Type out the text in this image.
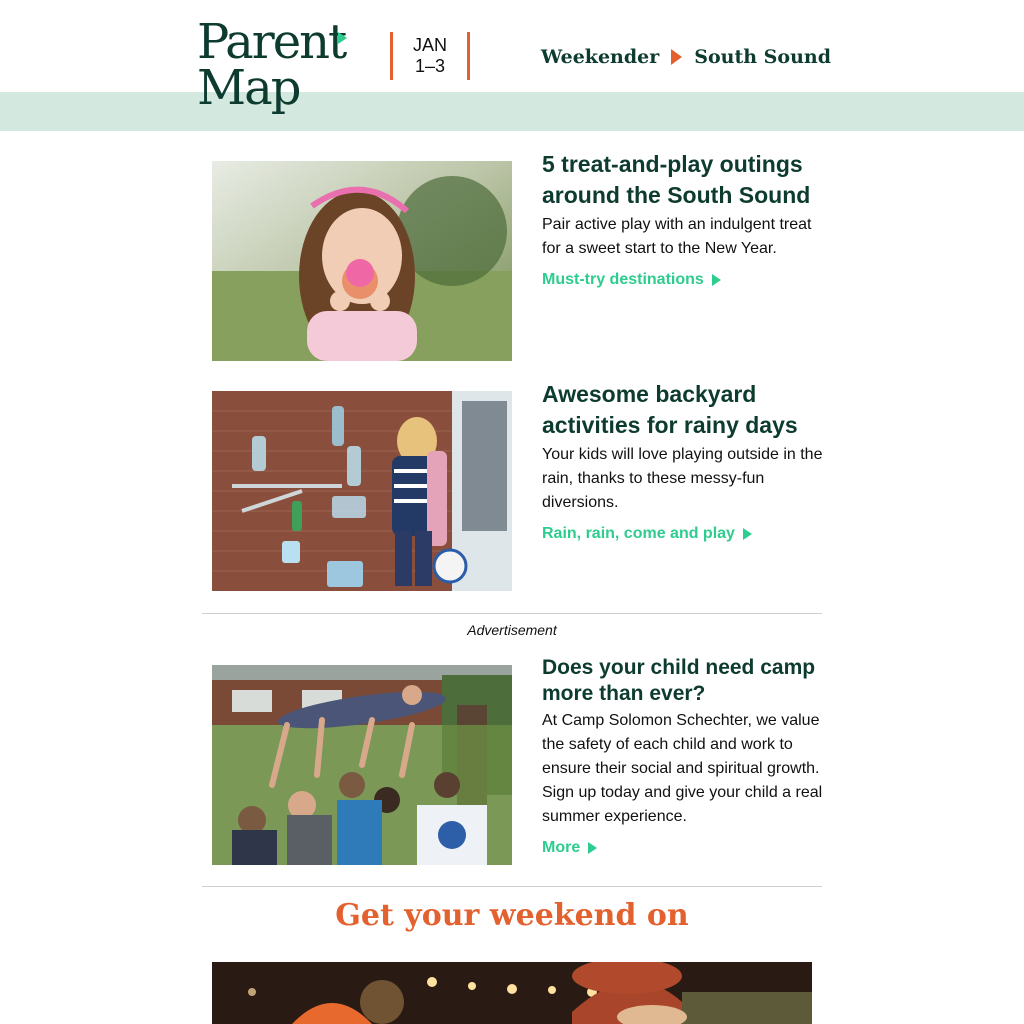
Parent
Map
JAN
1–3	Weekender South Sound
5 treat-and-play outings around the South Sound
Pair active play with an indulgent treat for a sweet start to the New Year.
Must-try destinations
Awesome backyard activities for rainy days
Your kids will love playing outside in the rain, thanks to these messy-fun diversions.
Rain, rain, come and play
Advertisement
Does your child need camp more than ever?
At Camp Solomon Schechter, we value the safety of each child and work to ensure their social and spiritual growth. Sign up today and give your child a real summer experience.
More
Get your weekend on
